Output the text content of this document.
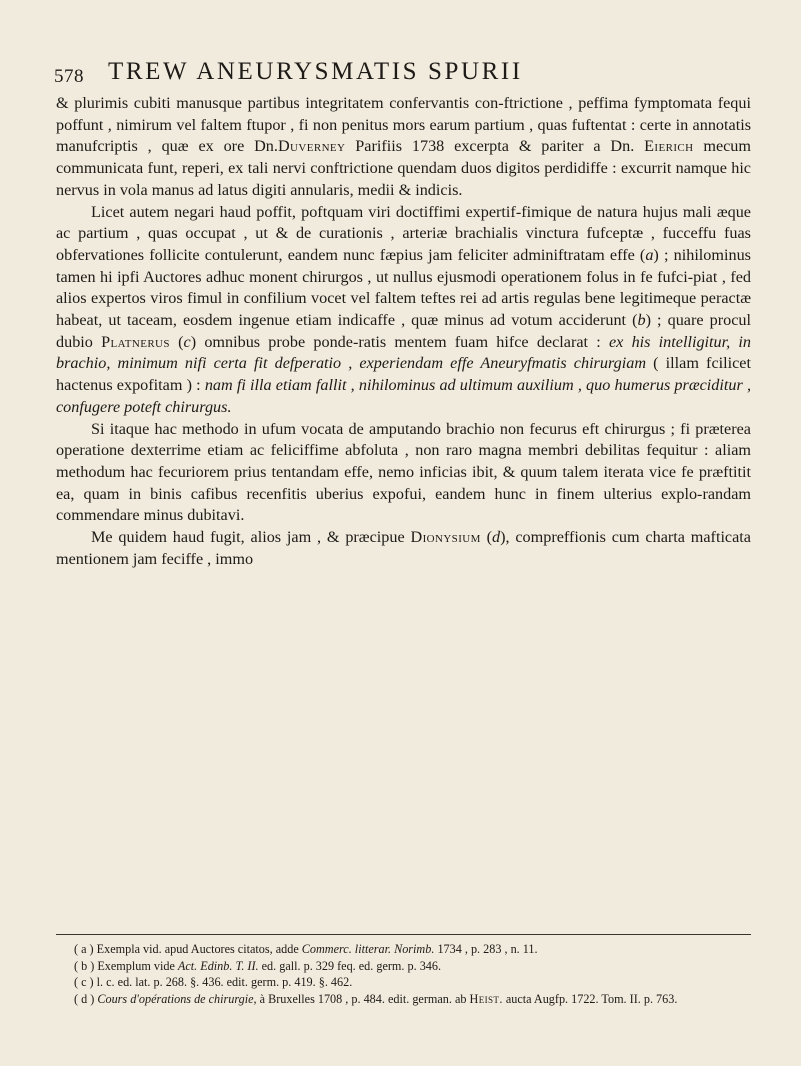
578 TREW ANEURYSMATIS SPURII

& plurimis cubiti manusque partibus integritatem confervantis con-ftrictione , peffima fymptomata fequi poffunt , nimirum vel faltem ftupor , fi non penitus mors earum partium , quas fuftentat : certe in annotatis manufcriptis , quæ ex ore Dn.Duverney Parifiis 1738 excerpta & pariter a Dn. Eierich mecum communicata funt, reperi, ex tali nervi conftrictione quendam duos digitos perdidiffe : excurrit namque hic nervus in vola manus ad latus digiti annularis, medii & indicis.

Licet autem negari haud poffit, poftquam viri doctiffimi expertif-fimique de natura hujus mali æque ac partium , quas occupat , ut & de curationis , arteriæ brachialis vinctura fufceptæ , fucceffu fuas obfervationes follicite contulerunt, eandem nunc fæpius jam feliciter adminiftratam effe (a) ; nihilominus tamen hi ipfi Auctores adhuc monent chirurgos , ut nullus ejusmodi operationem folus in fe fufci-piat , fed alios expertos viros fimul in confilium vocet vel faltem teftes rei ad artis regulas bene legitimeque peractæ habeat, ut taceam, eosdem ingenue etiam indicaffe , quæ minus ad votum acciderunt (b) ; quare procul dubio Platnerus (c) omnibus probe ponde-ratis mentem fuam hifce declarat : ex his intelligitur, in brachio, minimum nifi certa fit defperatio , experiendam effe Aneuryfmatis chirurgiam ( illam fcilicet hactenus expofitam ) : nam fi illa etiam fallit , nihilominus ad ultimum auxilium , quo humerus præciditur , confugere poteft chirurgus.

Si itaque hac methodo in ufum vocata de amputando brachio non fecurus eft chirurgus ; fi præterea operatione dexterrime etiam ac feliciffime abfoluta , non raro magna membri debilitas fequitur : aliam methodum hac fecuriorem prius tentandam effe, nemo inficias ibit, & quum talem iterata vice fe præftitit ea, quam in binis cafibus recenfitis uberius expofui, eandem hunc in finem ulterius explo-randam commendare minus dubitavi.

Me quidem haud fugit, alios jam , & præcipue Dionysium (d), compreffionis cum charta mafticata mentionem jam feciffe , immo

( a ) Exempla vid. apud Auctores citatos, adde Commerc. litterar. Norimb. 1734 , p. 283 , n. 11.
( b ) Exemplum vide Act. Edinb. T. II. ed. gall. p. 329 feq. ed. germ. p. 346.
( c ) l. c. ed. lat. p. 268. §. 436. edit. germ. p. 419. §. 462.
( d ) Cours d'opérations de chirurgie, à Bruxelles 1708 , p. 484. edit. german. ab Heist. aucta Augfp. 1722. Tom. II. p. 763.
